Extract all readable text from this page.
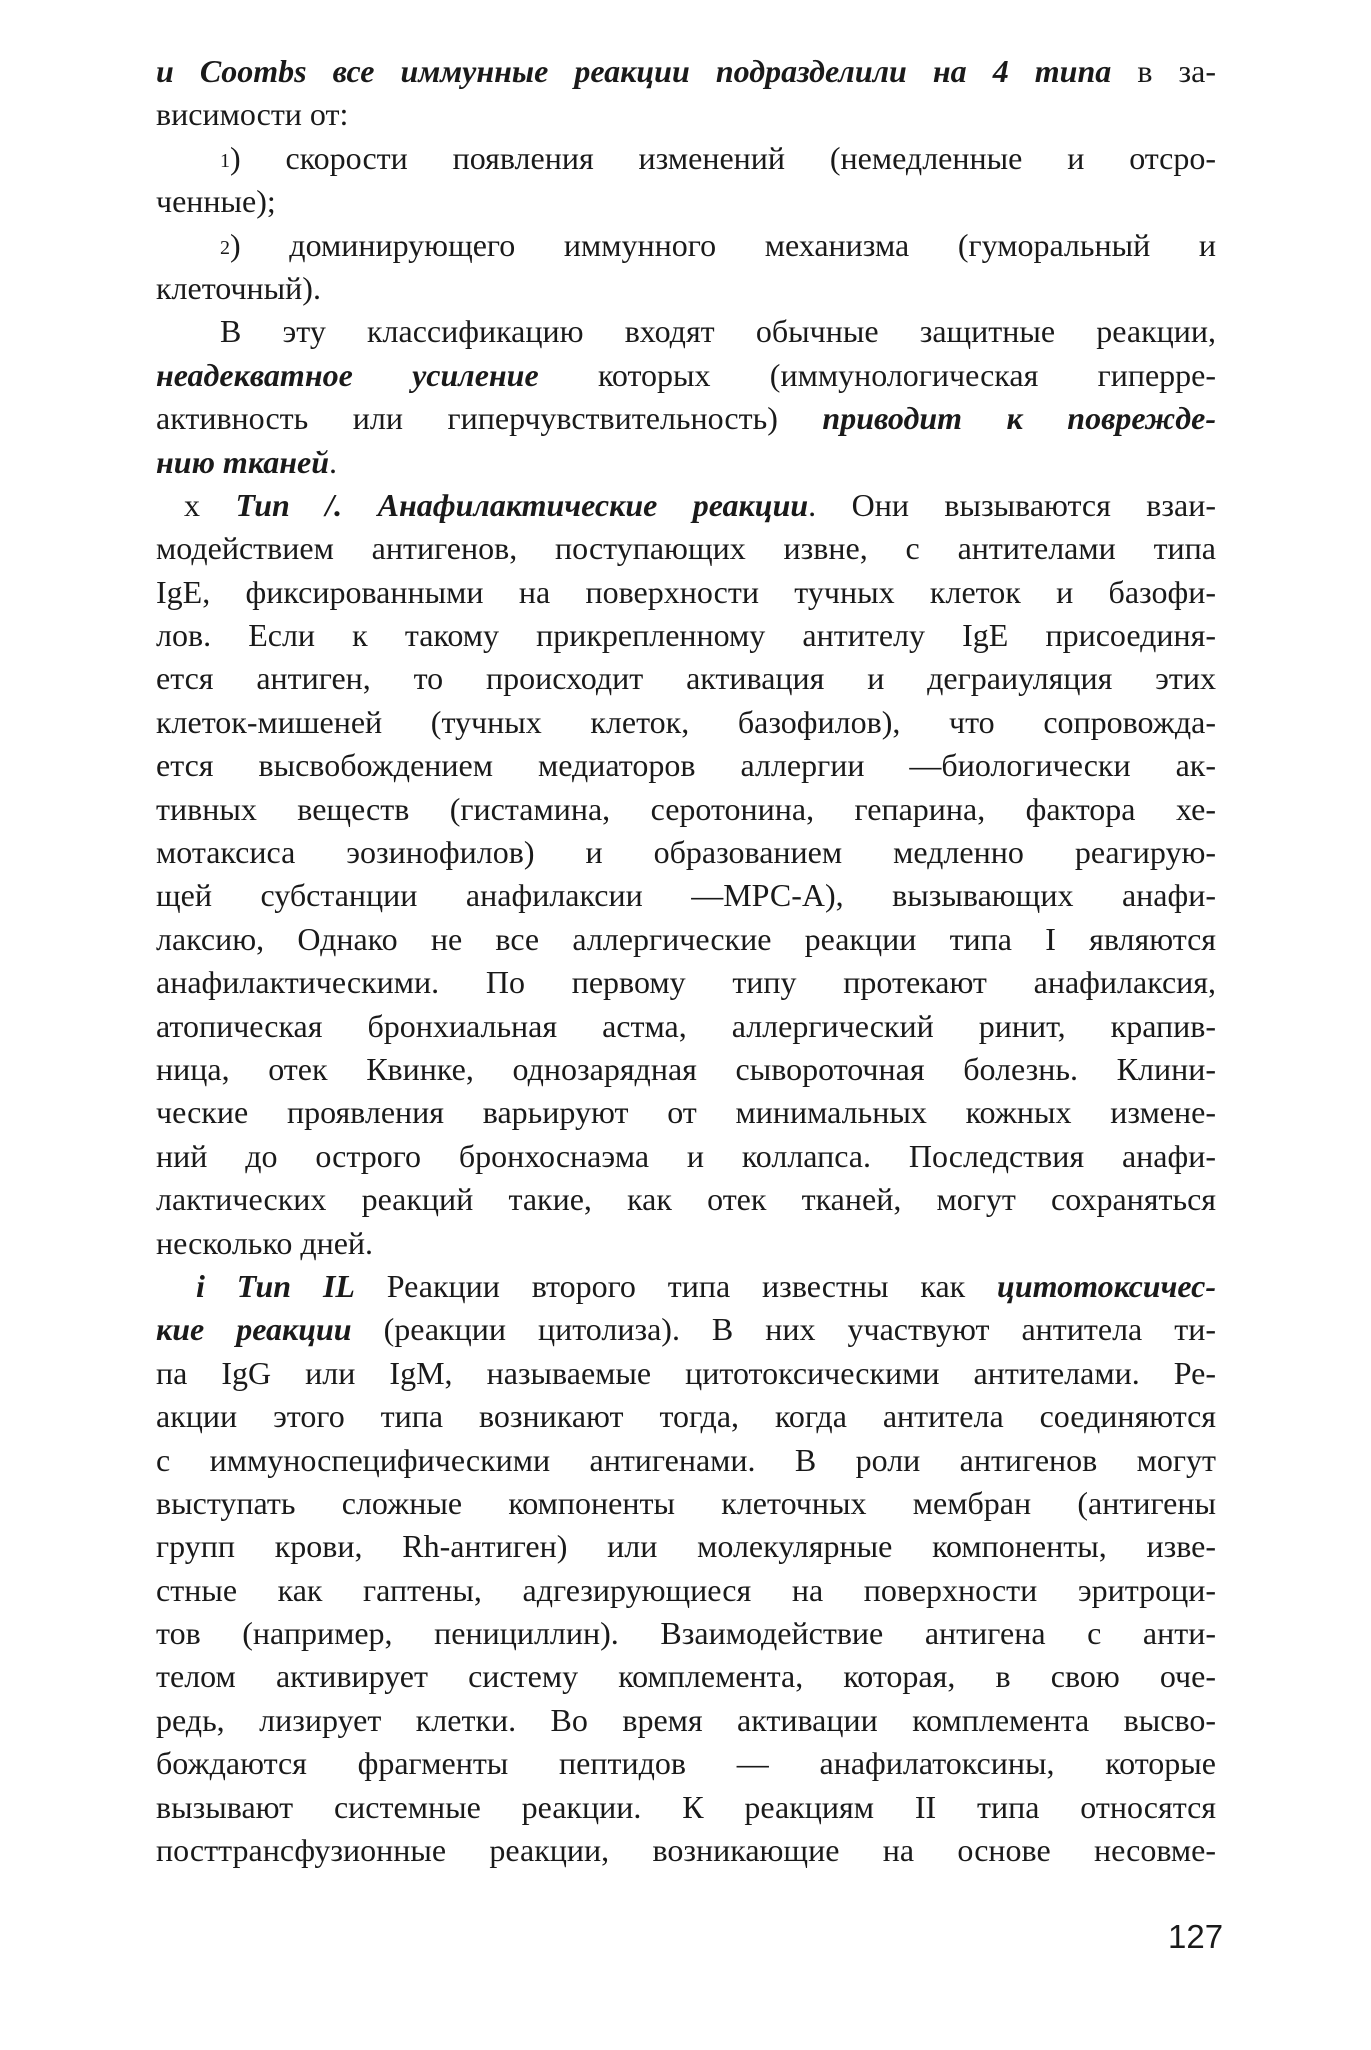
и Coombs все иммунные реакции подразделили на 4 типа в за-
висимости от:
1) скорости появления изменений (немедленные и отсро-
ченные);
2) доминирующего иммунного механизма (гуморальный и
клеточный).
В эту классификацию входят обычные защитные реакции,
неадекватное усиление которых (иммунологическая гиперре-
активность или гиперчувствительность) приводит к поврежде-
нию тканей.
x Тип /. Анафилактические реакции. Они вызываются взаи-
модействием антигенов, поступающих извне, с антителами типа
IgE, фиксированными на поверхности тучных клеток и базофи-
лов. Если к такому прикрепленному антителу IgE присоединя-
ется антиген, то происходит активация и деграиуляция этих
клеток-мишеней (тучных клеток, базофилов), что сопровожда-
ется высвобождением медиаторов аллергии —биологически ак-
тивных веществ (гистамина, серотонина, гепарина, фактора хе-
мотаксиса эозинофилов) и образованием медленно реагирую-
щей субстанции анафилаксии —МРС-А), вызывающих анафи-
лаксию, Однако не все аллергические реакции типа I являются
анафилактическими. По первому типу протекают анафилаксия,
атопическая бронхиальная астма, аллергический ринит, крапив-
ница, отек Квинке, однозарядная сывороточная болезнь. Клини-
ческие проявления варьируют от минимальных кожных измене-
ний до острого бронхоснаэма и коллапса. Последствия анафи-
лактических реакций такие, как отек тканей, могут сохраняться
несколько дней.
i Тип IL Реакции второго типа известны как цитотоксичес-
кие реакции (реакции цитолиза). В них участвуют антитела ти-
па IgG или IgM, называемые цитотоксическими антителами. Ре-
акции этого типа возникают тогда, когда антитела соединяются
с иммуноспецифическими антигенами. В роли антигенов могут
выступать сложные компоненты клеточных мембран (антигены
групп крови, Rh-антиген) или молекулярные компоненты, изве-
стные как гаптены, адгезирующиеся на поверхности эритроци-
тов (например, пенициллин). Взаимодействие антигена с анти-
телом активирует систему комплемента, которая, в свою оче-
редь, лизирует клетки. Во время активации комплемента высво-
бождаются фрагменты пептидов — анафилатоксины, которые
вызывают системные реакции. К реакциям II типа относятся
посттрансфузионные реакции, возникающие на основе несовме-
127
